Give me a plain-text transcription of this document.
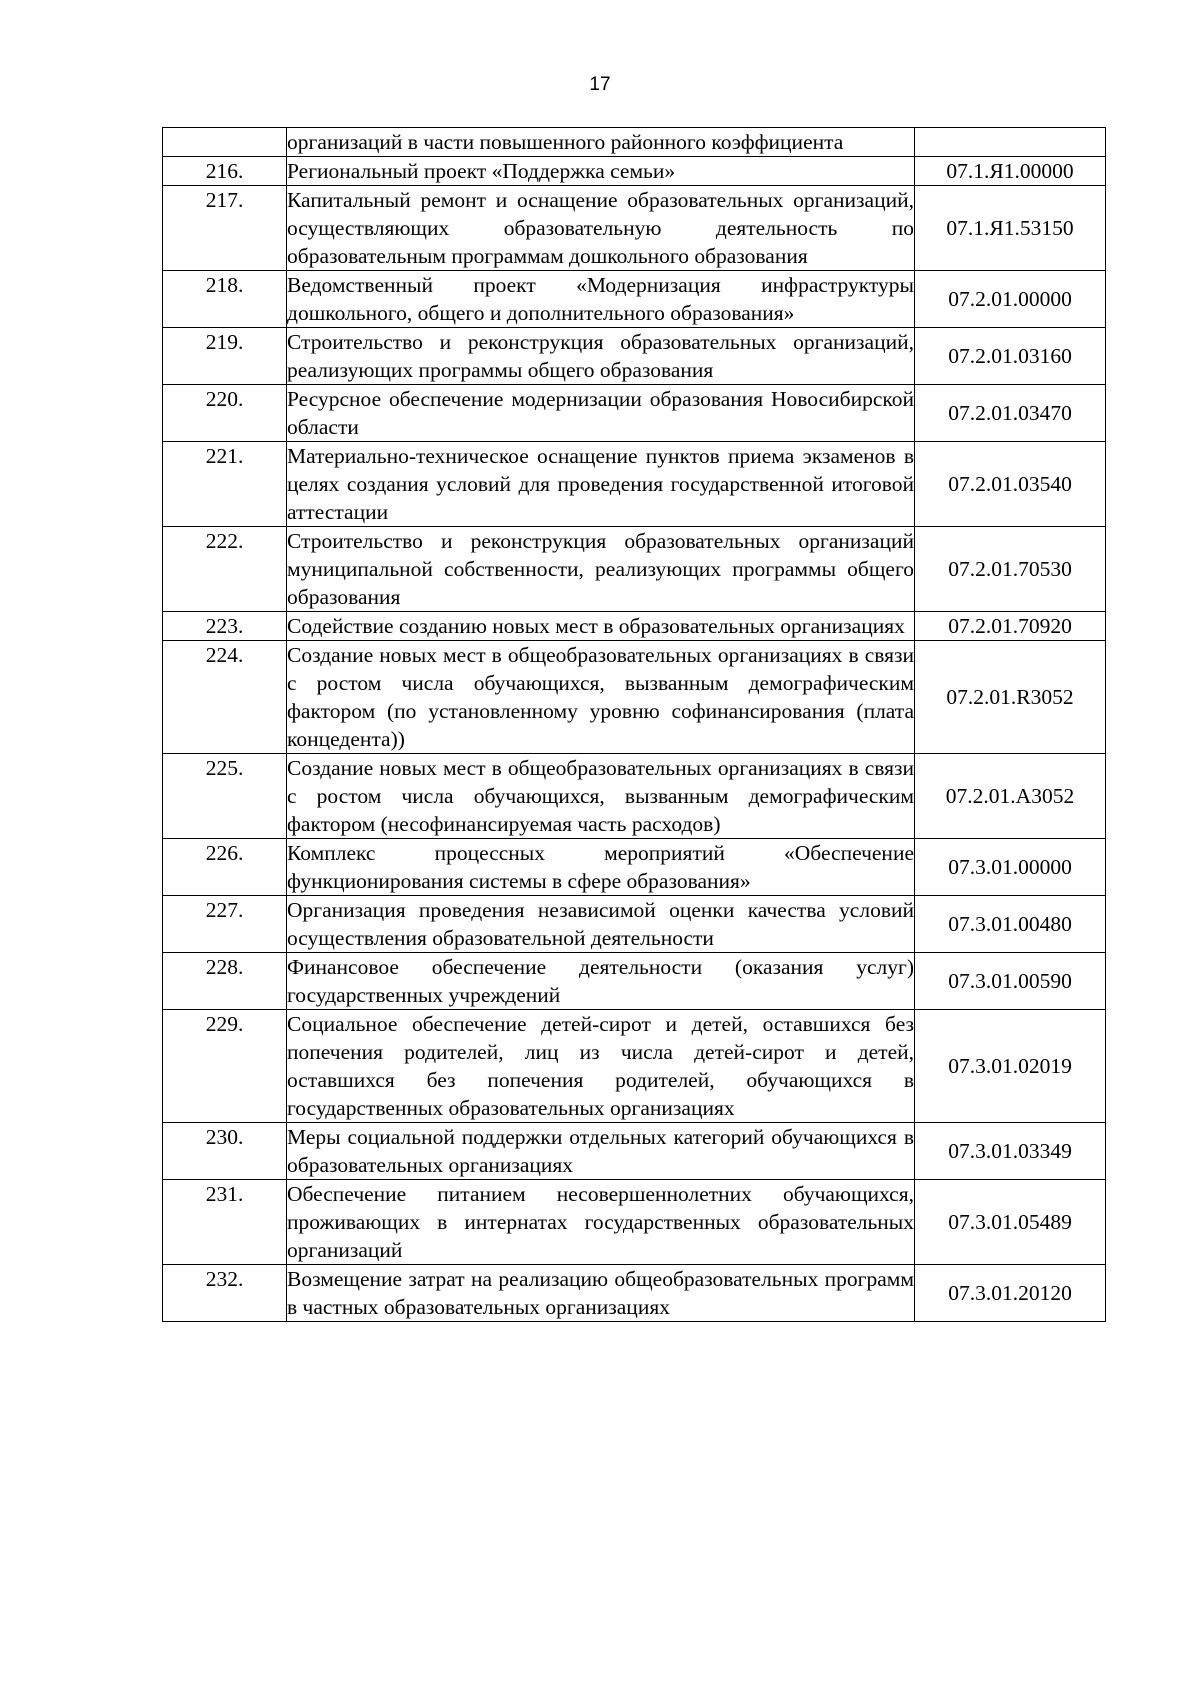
17
	организаций в части повышенного районного коэффициента	
216.	Региональный проект «Поддержка семьи»	07.1.Я1.00000
217.	Капитальный ремонт и оснащение образовательных организаций, осуществляющих образовательную деятельность по образовательным программам дошкольного образования	07.1.Я1.53150
218.	Ведомственный проект «Модернизация инфраструктуры дошкольного, общего и дополнительного образования»	07.2.01.00000
219.	Строительство и реконструкция образовательных организаций, реализующих программы общего образования	07.2.01.03160
220.	Ресурсное обеспечение модернизации образования Новосибирской области	07.2.01.03470
221.	Материально-техническое оснащение пунктов приема экзаменов в целях создания условий для проведения государственной итоговой аттестации	07.2.01.03540
222.	Строительство и реконструкция образовательных организаций муниципальной собственности, реализующих программы общего образования	07.2.01.70530
223.	Содействие созданию новых мест в образовательных организациях	07.2.01.70920
224.	Создание новых мест в общеобразовательных организациях в связи с ростом числа обучающихся, вызванным демографическим фактором (по установленному уровню софинансирования (плата концедента))	07.2.01.R3052
225.	Создание новых мест в общеобразовательных организациях в связи с ростом числа обучающихся, вызванным демографическим фактором (несофинансируемая часть расходов)	07.2.01.А3052
226.	Комплекс процессных мероприятий «Обеспечение функционирования системы в сфере образования»	07.3.01.00000
227.	Организация проведения независимой оценки качества условий осуществления образовательной деятельности	07.3.01.00480
228.	Финансовое обеспечение деятельности (оказания услуг) государственных учреждений	07.3.01.00590
229.	Социальное обеспечение детей-сирот и детей, оставшихся без попечения родителей, лиц из числа детей-сирот и детей, оставшихся без попечения родителей, обучающихся в государственных образовательных организациях	07.3.01.02019
230.	Меры социальной поддержки отдельных категорий обучающихся в образовательных организациях	07.3.01.03349
231.	Обеспечение питанием несовершеннолетних обучающихся, проживающих в интернатах государственных образовательных организаций	07.3.01.05489
232.	Возмещение затрат на реализацию общеобразовательных программ в частных образовательных организациях	07.3.01.20120
